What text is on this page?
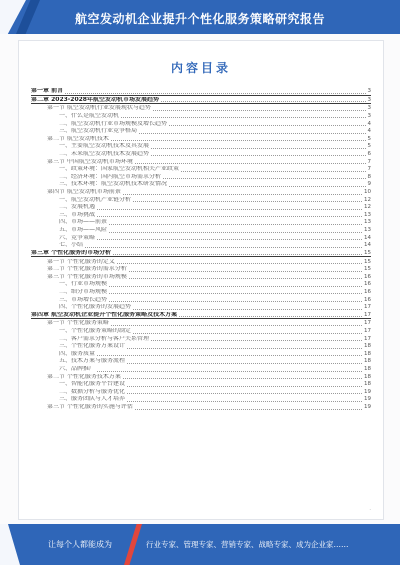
航空发动机企业提升个性化服务策略研究报告
内容目录
第一章 前言	3
第二章 2023-2028年航空发动机市场发展趋势	3
第一节 航空发动机行业发展现状与趋势	3
一、什么是航空发动机	3
二、航空发动机行业市场规模及增长趋势	4
三、航空发动机行业竞争格局	4
第二节 航空发动机技术	5
一、主要航空发动机技术及其发展	5
二、未来航空发动机技术发展趋势	6
第三节 中国航空发动机市场环境	7
一、政策环境：国家航空发动机相关产业政策	7
二、经济环境：国内航空市场需求分析	8
三、技术环境：航空发动机技术研发情况	9
第四节 航空发动机市场前景	10
一、航空发动机产业链分析	12
二、发展机遇	12
三、市场挑战	13
四、市场——前景	13
五、市场——风险	13
六、竞争策略	14
七、小结	14
第三章 个性化服务的市场分析	15
第一节 个性化服务的定义	15
第二节 个性化服务的需求分析	15
第三节 个性化服务的市场规模	16
一、行业市场规模	16
二、细分市场规模	16
三、市场增长趋势	16
四、个性化服务的发展趋势	17
第四章 航空发动机企业提升个性化服务策略及技术方案	17
第一节 个性化服务策略	17
一、个性化服务策略的制定	17
二、客户需求分析与客户关系管理	17
三、个性化服务方案设计	18
四、服务质量	18
五、技术方案与服务流程	18
六、品牌推广	18
第二节 个性化服务技术方案	18
一、智能化服务平台建设	18
二、数据分析与服务优化	19
三、服务团队与人才培养	19
第三节 个性化服务的实施与评估	19
·
让每个人都能成为	行业专家、管理专家、营销专家、战略专家、成为企业家……
